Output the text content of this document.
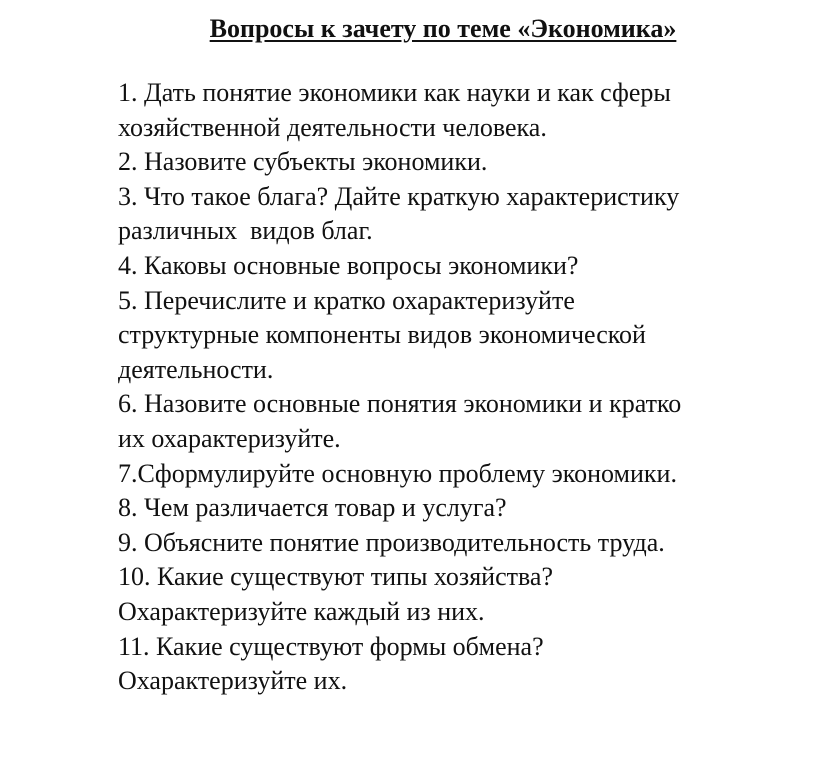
Вопросы к зачету по теме «Экономика»
1. Дать понятие экономики как науки и как сферы
хозяйственной деятельности человека.
2. Назовите субъекты экономики.
3. Что такое блага? Дайте краткую характеристику
различных  видов благ.
4. Каковы основные вопросы экономики?
5. Перечислите и кратко охарактеризуйте
структурные компоненты видов экономической
деятельности.
6. Назовите основные понятия экономики и кратко
их охарактеризуйте.
7.Сформулируйте основную проблему экономики.
8. Чем различается товар и услуга?
9. Объясните понятие производительность труда.
10. Какие существуют типы хозяйства?
Охарактеризуйте каждый из них.
11. Какие существуют формы обмена?
Охарактеризуйте их.
